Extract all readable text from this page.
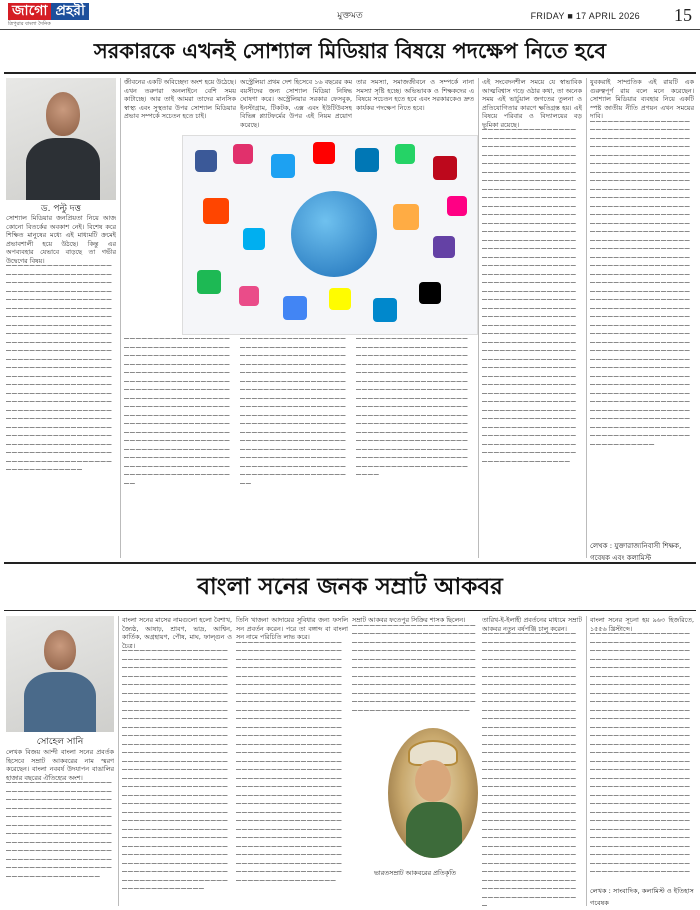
জাগো প্রহরী
ত্রিপুরার বাংলা দৈনিক
মুক্তমত	FRIDAY ■ 17 APRIL 2026 15
সরকারকে এখনই সোশ্যাল মিডিয়ার বিষয়ে পদক্ষেপ নিতে হবে
ড. পল্টু দত্ত

সোশ্যাল মিডিয়ার জনপ্রিয়তা নিয়ে আজ কোনো বিতর্কের অবকাশ নেই। বিশেষ করে শিক্ষিত মানুষের মধ্যে এই মাধ্যমটি ক্রমেই প্রভাবশালী হয়ে উঠছে। কিন্তু এর অপব্যবহার যেভাবে বাড়ছে তা গভীর উদ্বেগের বিষয়।

▔▔▔▔▔▔▔▔▔▔▔▔▔▔▔▔▔▔▔▔▔▔▔▔▔▔▔▔▔▔▔▔▔▔▔▔▔▔▔▔▔▔▔▔▔▔▔▔▔▔▔▔▔▔▔▔▔▔▔▔▔▔▔▔▔▔▔▔▔▔▔▔▔▔▔▔▔▔▔▔▔▔▔▔▔▔▔▔▔▔▔▔▔▔▔▔▔▔▔▔▔▔▔▔▔▔▔▔▔▔▔▔▔▔▔▔▔▔▔▔▔▔▔▔▔▔▔▔▔▔▔▔▔▔▔▔▔▔▔▔▔▔▔▔▔▔▔▔▔▔▔▔▔▔▔▔▔▔▔▔▔▔▔▔▔▔▔▔▔▔▔▔▔▔▔▔▔▔▔▔▔▔▔▔▔▔▔▔▔▔▔▔▔▔▔▔▔▔▔▔▔▔▔▔▔▔▔▔▔▔▔▔▔▔▔▔▔▔▔▔▔▔▔▔▔▔▔▔▔▔▔▔▔▔▔▔▔▔▔▔▔▔▔▔▔▔▔▔▔▔▔▔▔▔▔▔▔▔▔▔▔▔▔▔▔▔▔▔▔▔▔▔▔▔▔▔▔▔▔▔▔▔▔▔▔▔▔▔▔▔▔▔▔▔▔▔▔▔▔▔▔▔▔▔▔▔▔▔▔▔▔▔▔▔▔▔▔▔▔▔▔▔▔▔▔▔▔▔▔▔▔▔▔▔▔▔▔▔▔▔▔▔▔▔▔▔▔▔▔▔▔▔▔▔▔▔▔▔▔▔▔▔▔▔▔▔▔▔▔▔▔▔▔▔▔▔▔▔▔▔▔▔▔▔▔▔▔▔▔▔▔▔▔▔▔▔▔▔▔▔▔▔▔▔▔▔▔▔▔▔▔▔▔▔▔▔▔▔▔▔▔▔▔▔▔▔▔▔▔▔▔▔▔▔▔▔▔▔▔▔▔▔▔▔▔

জীবনের একটি অবিচ্ছেদ্য অংশ হয়ে উঠেছে। এখন তরুণরা অনলাইনে বেশি সময় কাটাচ্ছে। আর তাই আমরা তাদের মানসিক স্বাস্থ্য এবং সুস্থতার উপর সোশ্যাল মিডিয়ার প্রভাব সম্পর্কে সচেতন হতে চাই।

অস্ট্রেলিয়া প্রথম দেশ হিসেবে ১৬ বছরের কম বয়সীদের জন্য সোশ্যাল মিডিয়া নিষিদ্ধ ঘোষণা করে। অস্ট্রেলিয়ার সরকার ফেসবুক, ইনস্টাগ্রাম, টিকটক, এক্স এবং ইউটিউবসহ বিভিন্ন প্ল্যাটফর্মের উপর এই নিয়ম প্রয়োগ করেছে।

তার সমস্যা, সমাজজীবনে ও সম্পর্কে নানা সমস্যা সৃষ্টি হচ্ছে। অভিভাবক ও শিক্ষকদের এ বিষয়ে সচেতন হতে হবে এবং সরকারকেও দ্রুত কার্যকর পদক্ষেপ নিতে হবে।

▔▔▔▔▔▔▔▔▔▔▔▔▔▔▔▔▔▔▔▔▔▔▔▔▔▔▔▔▔▔▔▔▔▔▔▔▔▔▔▔▔▔▔▔▔▔▔▔▔▔▔▔▔▔▔▔▔▔▔▔▔▔▔▔▔▔▔▔▔▔▔▔▔▔▔▔▔▔▔▔▔▔▔▔▔▔▔▔▔▔▔▔▔▔▔▔▔▔▔▔▔▔▔▔▔▔▔▔▔▔▔▔▔▔▔▔▔▔▔▔▔▔▔▔▔▔▔▔▔▔▔▔▔▔▔▔▔▔▔▔▔▔▔▔▔▔▔▔▔▔▔▔▔▔▔▔▔▔▔▔▔▔▔▔▔▔▔▔▔▔▔▔▔▔▔▔▔▔▔▔▔▔▔▔▔▔▔▔▔▔▔▔▔▔▔▔▔▔▔▔▔▔▔▔▔▔▔▔▔▔▔▔▔▔▔▔▔▔▔▔▔▔▔▔▔▔▔▔▔▔▔▔▔▔▔▔▔▔▔▔▔▔▔▔▔▔▔▔▔▔▔▔▔▔▔▔▔▔▔▔▔▔▔▔▔▔▔▔▔▔▔▔▔▔▔▔▔▔▔▔▔▔▔▔▔▔▔▔▔▔▔▔▔▔▔▔▔▔▔▔▔▔▔▔▔▔▔▔

▔▔▔▔▔▔▔▔▔▔▔▔▔▔▔▔▔▔▔▔▔▔▔▔▔▔▔▔▔▔▔▔▔▔▔▔▔▔▔▔▔▔▔▔▔▔▔▔▔▔▔▔▔▔▔▔▔▔▔▔▔▔▔▔▔▔▔▔▔▔▔▔▔▔▔▔▔▔▔▔▔▔▔▔▔▔▔▔▔▔▔▔▔▔▔▔▔▔▔▔▔▔▔▔▔▔▔▔▔▔▔▔▔▔▔▔▔▔▔▔▔▔▔▔▔▔▔▔▔▔▔▔▔▔▔▔▔▔▔▔▔▔▔▔▔▔▔▔▔▔▔▔▔▔▔▔▔▔▔▔▔▔▔▔▔▔▔▔▔▔▔▔▔▔▔▔▔▔▔▔▔▔▔▔▔▔▔▔▔▔▔▔▔▔▔▔▔▔▔▔▔▔▔▔▔▔▔▔▔▔▔▔▔▔▔▔▔▔▔▔▔▔▔▔▔▔▔▔▔▔▔▔▔▔▔▔▔▔▔▔▔▔▔▔▔▔▔▔▔▔▔▔▔▔▔▔▔▔▔▔▔▔▔▔▔▔▔▔▔▔▔▔▔▔▔▔▔▔▔▔▔▔▔▔▔▔▔▔▔▔▔▔▔▔▔▔▔▔▔▔▔▔▔▔▔▔▔▔

▔▔▔▔▔▔▔▔▔▔▔▔▔▔▔▔▔▔▔▔▔▔▔▔▔▔▔▔▔▔▔▔▔▔▔▔▔▔▔▔▔▔▔▔▔▔▔▔▔▔▔▔▔▔▔▔▔▔▔▔▔▔▔▔▔▔▔▔▔▔▔▔▔▔▔▔▔▔▔▔▔▔▔▔▔▔▔▔▔▔▔▔▔▔▔▔▔▔▔▔▔▔▔▔▔▔▔▔▔▔▔▔▔▔▔▔▔▔▔▔▔▔▔▔▔▔▔▔▔▔▔▔▔▔▔▔▔▔▔▔▔▔▔▔▔▔▔▔▔▔▔▔▔▔▔▔▔▔▔▔▔▔▔▔▔▔▔▔▔▔▔▔▔▔▔▔▔▔▔▔▔▔▔▔▔▔▔▔▔▔▔▔▔▔▔▔▔▔▔▔▔▔▔▔▔▔▔▔▔▔▔▔▔▔▔▔▔▔▔▔▔▔▔▔▔▔▔▔▔▔▔▔▔▔▔▔▔▔▔▔▔▔▔▔▔▔▔▔▔▔▔▔▔▔▔▔▔▔▔▔▔▔▔▔▔▔▔▔▔▔▔▔▔▔▔▔▔▔▔▔▔▔▔▔▔▔▔▔▔▔▔▔▔▔▔▔▔▔▔▔▔▔▔▔▔▔▔▔

এই সংবেদনশীল সময়ে যে স্বাভাবিক আত্মবিশ্বাস গড়ে ওঠার কথা, তা অনেক সময় এই ভার্চুয়াল জগতের তুলনা ও প্রতিযোগিতার কারণে ক্ষতিগ্রস্ত হয়। এই বিষয়ে পরিবার ও বিদ্যালয়ের বড় ভূমিকা রয়েছে।

▔▔▔▔▔▔▔▔▔▔▔▔▔▔▔▔▔▔▔▔▔▔▔▔▔▔▔▔▔▔▔▔▔▔▔▔▔▔▔▔▔▔▔▔▔▔▔▔▔▔▔▔▔▔▔▔▔▔▔▔▔▔▔▔▔▔▔▔▔▔▔▔▔▔▔▔▔▔▔▔▔▔▔▔▔▔▔▔▔▔▔▔▔▔▔▔▔▔▔▔▔▔▔▔▔▔▔▔▔▔▔▔▔▔▔▔▔▔▔▔▔▔▔▔▔▔▔▔▔▔▔▔▔▔▔▔▔▔▔▔▔▔▔▔▔▔▔▔▔▔▔▔▔▔▔▔▔▔▔▔▔▔▔▔▔▔▔▔▔▔▔▔▔▔▔▔▔▔▔▔▔▔▔▔▔▔▔▔▔▔▔▔▔▔▔▔▔▔▔▔▔▔▔▔▔▔▔▔▔▔▔▔▔▔▔▔▔▔▔▔▔▔▔▔▔▔▔▔▔▔▔▔▔▔▔▔▔▔▔▔▔▔▔▔▔▔▔▔▔▔▔▔▔▔▔▔▔▔▔▔▔▔▔▔▔▔▔▔▔▔▔▔▔▔▔▔▔▔▔▔▔▔▔▔▔▔▔▔▔▔▔▔▔▔▔▔▔▔▔▔▔▔▔▔▔▔▔▔▔▔▔▔▔▔▔▔▔▔▔▔▔▔▔▔▔▔▔▔▔▔▔▔▔▔▔▔▔▔▔▔▔▔▔▔▔▔▔▔▔▔▔▔▔▔▔▔▔▔▔▔▔▔▔▔▔▔▔▔▔▔▔▔▔▔▔▔▔▔▔▔▔▔▔▔▔▔▔▔▔▔▔▔▔▔▔▔▔▔▔▔▔▔▔▔▔▔▔▔▔▔▔▔▔▔▔▔▔▔▔▔▔▔▔▔▔▔▔▔▔▔▔▔▔▔▔▔▔▔▔▔▔▔▔▔▔▔▔▔▔▔▔▔▔▔▔▔▔▔▔▔▔▔▔▔▔▔▔▔▔▔▔▔▔▔▔▔▔▔▔▔▔▔▔▔▔▔▔▔▔▔▔▔▔▔▔▔▔▔▔▔▔▔▔▔▔▔▔▔▔▔▔▔▔▔▔▔▔▔▔▔▔▔▔▔▔▔▔▔▔▔▔▔▔▔▔▔▔▔▔▔▔▔▔▔▔▔▔▔▔▔▔▔▔▔▔▔▔▔▔▔▔▔▔▔▔▔▔▔▔▔▔▔▔▔▔▔▔▔▔▔▔▔▔▔▔▔▔▔▔▔▔▔▔▔▔▔▔▔▔▔▔▔▔▔▔▔▔▔▔▔▔▔▔▔▔▔▔▔▔▔▔▔▔▔▔▔▔▔▔▔▔▔▔▔▔▔▔▔▔

যুবকরাই সাম্প্রতিক এই রায়টি এক গুরুত্বপূর্ণ রায় বলে মনে করেছেন। সোশ্যাল মিডিয়ার ব্যবহার নিয়ে একটি স্পষ্ট জাতীয় নীতি প্রণয়ন এখন সময়ের দাবি।

▔▔▔▔▔▔▔▔▔▔▔▔▔▔▔▔▔▔▔▔▔▔▔▔▔▔▔▔▔▔▔▔▔▔▔▔▔▔▔▔▔▔▔▔▔▔▔▔▔▔▔▔▔▔▔▔▔▔▔▔▔▔▔▔▔▔▔▔▔▔▔▔▔▔▔▔▔▔▔▔▔▔▔▔▔▔▔▔▔▔▔▔▔▔▔▔▔▔▔▔▔▔▔▔▔▔▔▔▔▔▔▔▔▔▔▔▔▔▔▔▔▔▔▔▔▔▔▔▔▔▔▔▔▔▔▔▔▔▔▔▔▔▔▔▔▔▔▔▔▔▔▔▔▔▔▔▔▔▔▔▔▔▔▔▔▔▔▔▔▔▔▔▔▔▔▔▔▔▔▔▔▔▔▔▔▔▔▔▔▔▔▔▔▔▔▔▔▔▔▔▔▔▔▔▔▔▔▔▔▔▔▔▔▔▔▔▔▔▔▔▔▔▔▔▔▔▔▔▔▔▔▔▔▔▔▔▔▔▔▔▔▔▔▔▔▔▔▔▔▔▔▔▔▔▔▔▔▔▔▔▔▔▔▔▔▔▔▔▔▔▔▔▔▔▔▔▔▔▔▔▔▔▔▔▔▔▔▔▔▔▔▔▔▔▔▔▔▔▔▔▔▔▔▔▔▔▔▔▔▔▔▔▔▔▔▔▔▔▔▔▔▔▔▔▔▔▔▔▔▔▔▔▔▔▔▔▔▔▔▔▔▔▔▔▔▔▔▔▔▔▔▔▔▔▔▔▔▔▔▔▔▔▔▔▔▔▔▔▔▔▔▔▔▔▔▔▔▔▔▔▔▔▔▔▔▔▔▔▔▔▔▔▔▔▔▔▔▔▔▔▔▔▔▔▔▔▔▔▔▔▔▔▔▔▔▔▔▔▔▔▔▔▔▔▔▔▔▔▔▔▔▔▔▔▔▔▔▔▔▔▔▔▔▔▔▔▔▔▔▔▔▔▔▔▔▔▔▔▔▔▔▔▔▔▔▔▔▔▔▔▔▔▔▔▔▔▔▔▔▔▔▔▔▔▔▔▔▔▔▔▔▔▔▔▔▔▔▔▔▔▔▔▔▔▔▔▔▔▔▔▔▔▔▔▔▔▔▔▔▔▔▔▔▔▔▔▔▔▔▔▔▔▔▔▔▔▔▔▔▔▔▔▔▔▔▔▔▔▔▔▔▔▔▔▔▔▔▔▔▔▔▔▔▔▔▔▔▔▔▔▔▔▔▔▔▔▔▔▔▔▔▔▔▔▔▔▔▔▔▔▔▔▔▔▔▔▔▔▔▔▔▔▔▔▔▔▔▔▔▔▔▔▔▔▔▔▔▔▔▔▔▔▔▔▔▔▔▔▔▔▔▔▔▔▔▔▔▔▔▔▔▔▔▔▔▔▔▔▔▔▔▔▔▔▔▔▔

লেখক : যুক্তারাজ্যনিবাসী শিক্ষক, গবেষক এবং কলামিস্ট
বাংলা সনের জনক সম্রাট আকবর
সোহেল সানি

লেখক বিজয় আন্দী বাংলা সনের প্রবর্তক হিসেবে সম্রাট আকবরের নাম স্মরণ করেছেন। বাংলা নববর্ষ উদযাপন বাঙালির হাজার বছরের ঐতিহ্যের অংশ।

▔▔▔▔▔▔▔▔▔▔▔▔▔▔▔▔▔▔▔▔▔▔▔▔▔▔▔▔▔▔▔▔▔▔▔▔▔▔▔▔▔▔▔▔▔▔▔▔▔▔▔▔▔▔▔▔▔▔▔▔▔▔▔▔▔▔▔▔▔▔▔▔▔▔▔▔▔▔▔▔▔▔▔▔▔▔▔▔▔▔▔▔▔▔▔▔▔▔▔▔▔▔▔▔▔▔▔▔▔▔▔▔▔▔▔▔▔▔▔▔▔▔▔▔▔▔▔▔▔▔▔▔▔▔▔▔▔▔▔▔▔▔▔▔▔▔▔▔▔▔▔▔▔▔▔▔▔▔▔▔▔▔▔▔▔▔▔▔▔▔▔▔▔▔▔▔▔▔▔▔▔▔▔▔▔▔▔▔▔▔▔▔▔▔▔▔▔▔▔▔▔▔▔▔▔▔▔▔▔▔▔▔▔▔

বাংলা সনের মাসের নামগুলো হলো বৈশাখ, জ্যৈষ্ঠ, আষাঢ়, শ্রাবণ, ভাদ্র, আশ্বিন, কার্তিক, অগ্রহায়ণ, পৌষ, মাঘ, ফাল্গুন ও চৈত্র।

▔▔▔▔▔▔▔▔▔▔▔▔▔▔▔▔▔▔▔▔▔▔▔▔▔▔▔▔▔▔▔▔▔▔▔▔▔▔▔▔▔▔▔▔▔▔▔▔▔▔▔▔▔▔▔▔▔▔▔▔▔▔▔▔▔▔▔▔▔▔▔▔▔▔▔▔▔▔▔▔▔▔▔▔▔▔▔▔▔▔▔▔▔▔▔▔▔▔▔▔▔▔▔▔▔▔▔▔▔▔▔▔▔▔▔▔▔▔▔▔▔▔▔▔▔▔▔▔▔▔▔▔▔▔▔▔▔▔▔▔▔▔▔▔▔▔▔▔▔▔▔▔▔▔▔▔▔▔▔▔▔▔▔▔▔▔▔▔▔▔▔▔▔▔▔▔▔▔▔▔▔▔▔▔▔▔▔▔▔▔▔▔▔▔▔▔▔▔▔▔▔▔▔▔▔▔▔▔▔▔▔▔▔▔▔▔▔▔▔▔▔▔▔▔▔▔▔▔▔▔▔▔▔▔▔▔▔▔▔▔▔▔▔▔▔▔▔▔▔▔▔▔▔▔▔▔▔▔▔▔▔▔▔▔▔▔▔▔▔▔▔▔▔▔▔▔▔▔▔▔▔▔▔▔▔▔▔▔▔▔▔▔▔▔▔▔▔▔▔▔▔▔▔▔▔▔▔▔▔▔▔▔▔▔▔▔▔▔▔▔▔▔▔▔▔▔▔▔▔▔▔▔▔▔▔▔▔▔▔▔▔▔▔▔▔▔▔▔▔▔▔▔▔▔▔▔▔▔▔▔▔▔▔▔▔▔▔▔▔▔▔▔▔▔▔▔▔▔▔▔▔▔▔▔▔▔▔▔▔▔▔▔▔▔▔▔▔▔▔▔▔▔▔▔▔▔▔▔▔▔▔▔▔▔▔▔▔▔▔▔▔▔▔▔▔▔▔▔▔▔▔▔▔▔▔▔▔▔▔▔▔▔▔▔▔▔▔▔▔▔▔▔▔▔▔▔▔▔▔▔▔▔▔▔▔▔▔▔▔▔▔▔▔▔▔▔▔▔▔▔▔▔▔▔▔▔▔▔▔▔▔▔▔▔▔▔▔▔▔▔▔▔▔▔▔▔▔▔▔▔▔▔▔▔▔▔▔▔

তিনি খাজনা আদায়ের সুবিধার জন্য ফসলি সন প্রবর্তন করেন। পরে তা বঙ্গাব্দ বা বাংলা সন নামে পরিচিতি লাভ করে।

▔▔▔▔▔▔▔▔▔▔▔▔▔▔▔▔▔▔▔▔▔▔▔▔▔▔▔▔▔▔▔▔▔▔▔▔▔▔▔▔▔▔▔▔▔▔▔▔▔▔▔▔▔▔▔▔▔▔▔▔▔▔▔▔▔▔▔▔▔▔▔▔▔▔▔▔▔▔▔▔▔▔▔▔▔▔▔▔▔▔▔▔▔▔▔▔▔▔▔▔▔▔▔▔▔▔▔▔▔▔▔▔▔▔▔▔▔▔▔▔▔▔▔▔▔▔▔▔▔▔▔▔▔▔▔▔▔▔▔▔▔▔▔▔▔▔▔▔▔▔▔▔▔▔▔▔▔▔▔▔▔▔▔▔▔▔▔▔▔▔▔▔▔▔▔▔▔▔▔▔▔▔▔▔▔▔▔▔▔▔▔▔▔▔▔▔▔▔▔▔▔▔▔▔▔▔▔▔▔▔▔▔▔▔▔▔▔▔▔▔▔▔▔▔▔▔▔▔▔▔▔▔▔▔▔▔▔▔▔▔▔▔▔▔▔▔▔▔▔▔▔▔▔▔▔▔▔▔▔▔▔▔▔▔▔▔▔▔▔▔▔▔▔▔▔▔▔▔▔▔▔▔▔▔▔▔▔▔▔▔▔▔▔▔▔▔▔▔▔▔▔▔▔▔▔▔▔▔▔▔▔▔▔▔▔▔▔▔▔▔▔▔▔▔▔▔▔▔▔▔▔▔▔▔▔▔▔▔▔▔▔▔▔▔▔▔▔▔▔▔▔▔▔▔▔▔▔▔▔▔▔▔▔▔▔▔▔▔▔▔▔▔▔▔▔▔▔▔▔▔▔▔▔▔▔▔▔▔▔▔▔▔▔▔▔▔▔▔▔▔▔▔▔▔▔▔▔▔▔▔▔▔▔▔▔▔▔▔▔▔▔▔▔▔▔▔▔▔▔▔▔▔▔▔▔▔▔▔▔▔▔▔▔▔▔▔▔▔▔▔▔▔▔▔▔▔▔▔▔▔▔▔▔▔▔▔▔▔▔▔▔▔▔▔▔▔▔▔▔▔▔▔▔▔▔▔▔▔▔▔▔▔▔▔▔▔▔▔▔▔▔▔▔▔▔▔▔▔▔▔▔▔▔▔▔▔▔▔▔▔▔

সম্রাট আকবর ফতেপুর সিক্রির শাসক ছিলেন।

▔▔▔▔▔▔▔▔▔▔▔▔▔▔▔▔▔▔▔▔▔▔▔▔▔▔▔▔▔▔▔▔▔▔▔▔▔▔▔▔▔▔▔▔▔▔▔▔▔▔▔▔▔▔▔▔▔▔▔▔▔▔▔▔▔▔▔▔▔▔▔▔▔▔▔▔▔▔▔▔▔▔▔▔▔▔▔▔▔▔▔▔▔▔▔▔▔▔▔▔▔▔▔▔▔▔▔▔▔▔▔▔▔▔▔▔▔▔▔▔▔▔▔▔▔▔▔▔▔▔▔▔▔▔▔▔▔▔▔▔▔▔▔▔▔▔▔▔▔▔▔▔▔▔▔▔▔▔▔▔▔▔▔▔▔▔▔▔▔▔▔▔▔▔▔▔▔▔▔▔▔▔▔▔▔▔▔▔▔▔▔▔▔▔▔▔▔▔▔▔▔▔▔▔▔▔▔▔▔▔▔▔▔▔▔▔▔▔▔▔▔▔▔▔▔▔▔▔▔▔

ভারতসম্রাট আকবরের প্রতিকৃতি

তারিখ-ই-ইলাহী প্রবর্তনের মাধ্যমে সম্রাট আকবর নতুন বর্ষপঞ্জি চালু করেন।

▔▔▔▔▔▔▔▔▔▔▔▔▔▔▔▔▔▔▔▔▔▔▔▔▔▔▔▔▔▔▔▔▔▔▔▔▔▔▔▔▔▔▔▔▔▔▔▔▔▔▔▔▔▔▔▔▔▔▔▔▔▔▔▔▔▔▔▔▔▔▔▔▔▔▔▔▔▔▔▔▔▔▔▔▔▔▔▔▔▔▔▔▔▔▔▔▔▔▔▔▔▔▔▔▔▔▔▔▔▔▔▔▔▔▔▔▔▔▔▔▔▔▔▔▔▔▔▔▔▔▔▔▔▔▔▔▔▔▔▔▔▔▔▔▔▔▔▔▔▔▔▔▔▔▔▔▔▔▔▔▔▔▔▔▔▔▔▔▔▔▔▔▔▔▔▔▔▔▔▔▔▔▔▔▔▔▔▔▔▔▔▔▔▔▔▔▔▔▔▔▔▔▔▔▔▔▔▔▔▔▔▔▔▔▔▔▔▔▔▔▔▔▔▔▔▔▔▔▔▔▔▔▔▔▔▔▔▔▔▔▔▔▔▔▔▔▔▔▔▔▔▔▔▔▔▔▔▔▔▔▔▔▔▔▔▔▔▔▔▔▔▔▔▔▔▔▔▔▔▔▔▔▔▔▔▔▔▔▔▔▔▔▔▔▔▔▔▔▔▔▔▔▔▔▔▔▔▔▔▔▔▔▔▔▔▔▔▔▔▔▔▔▔▔▔▔▔▔▔▔▔▔▔▔▔▔▔▔▔▔▔▔▔▔▔▔▔▔▔▔▔▔▔▔▔▔▔▔▔▔▔▔▔▔▔▔▔▔▔▔▔▔▔▔▔▔▔▔▔▔▔▔▔▔▔▔▔▔▔▔▔▔▔▔▔▔▔▔▔▔▔▔▔▔▔▔▔▔▔▔▔▔▔▔▔▔▔▔▔▔▔▔▔▔▔▔▔▔▔▔▔▔▔▔▔▔▔▔▔▔▔▔▔▔▔▔▔▔▔▔▔▔▔▔▔▔▔▔▔▔▔▔▔▔▔▔▔▔▔▔▔▔▔▔▔▔▔▔▔▔▔▔▔▔▔▔▔▔▔▔▔▔▔▔▔▔▔▔▔▔▔▔▔▔▔▔▔▔▔▔▔▔

বাংলা সনের সূচনা হয় ৯৬৩ হিজরিতে, ১৫৫৬ খ্রিস্টাব্দে।

▔▔▔▔▔▔▔▔▔▔▔▔▔▔▔▔▔▔▔▔▔▔▔▔▔▔▔▔▔▔▔▔▔▔▔▔▔▔▔▔▔▔▔▔▔▔▔▔▔▔▔▔▔▔▔▔▔▔▔▔▔▔▔▔▔▔▔▔▔▔▔▔▔▔▔▔▔▔▔▔▔▔▔▔▔▔▔▔▔▔▔▔▔▔▔▔▔▔▔▔▔▔▔▔▔▔▔▔▔▔▔▔▔▔▔▔▔▔▔▔▔▔▔▔▔▔▔▔▔▔▔▔▔▔▔▔▔▔▔▔▔▔▔▔▔▔▔▔▔▔▔▔▔▔▔▔▔▔▔▔▔▔▔▔▔▔▔▔▔▔▔▔▔▔▔▔▔▔▔▔▔▔▔▔▔▔▔▔▔▔▔▔▔▔▔▔▔▔▔▔▔▔▔▔▔▔▔▔▔▔▔▔▔▔▔▔▔▔▔▔▔▔▔▔▔▔▔▔▔▔▔▔▔▔▔▔▔▔▔▔▔▔▔▔▔▔▔▔▔▔▔▔▔▔▔▔▔▔▔▔▔▔▔▔▔▔▔▔▔▔▔▔▔▔▔▔▔▔▔▔▔▔▔▔▔▔▔▔▔▔▔▔▔▔▔▔▔▔▔▔▔▔▔▔▔▔▔▔▔▔▔▔▔▔▔▔▔▔▔▔▔▔▔▔▔▔▔▔▔▔▔▔▔▔▔▔▔▔▔▔▔▔▔▔▔▔▔▔▔▔▔▔▔▔▔▔▔▔▔▔▔▔▔▔▔▔▔▔▔▔▔▔▔▔▔▔▔▔▔▔▔▔▔▔▔▔▔▔▔▔▔▔▔▔▔▔▔▔▔▔▔▔▔▔▔▔▔▔▔▔▔▔▔▔▔▔▔▔▔▔▔▔▔▔▔▔▔▔▔▔▔▔▔▔▔▔▔▔▔▔▔▔▔▔▔▔▔▔▔▔▔▔▔▔▔▔▔▔▔▔▔▔▔▔▔▔▔▔▔▔▔▔▔▔▔▔▔▔▔▔▔▔▔▔▔▔▔▔▔▔▔▔▔

লেখক : সাংবাদিক, কলামিস্ট ও ইতিহাস গবেষক
